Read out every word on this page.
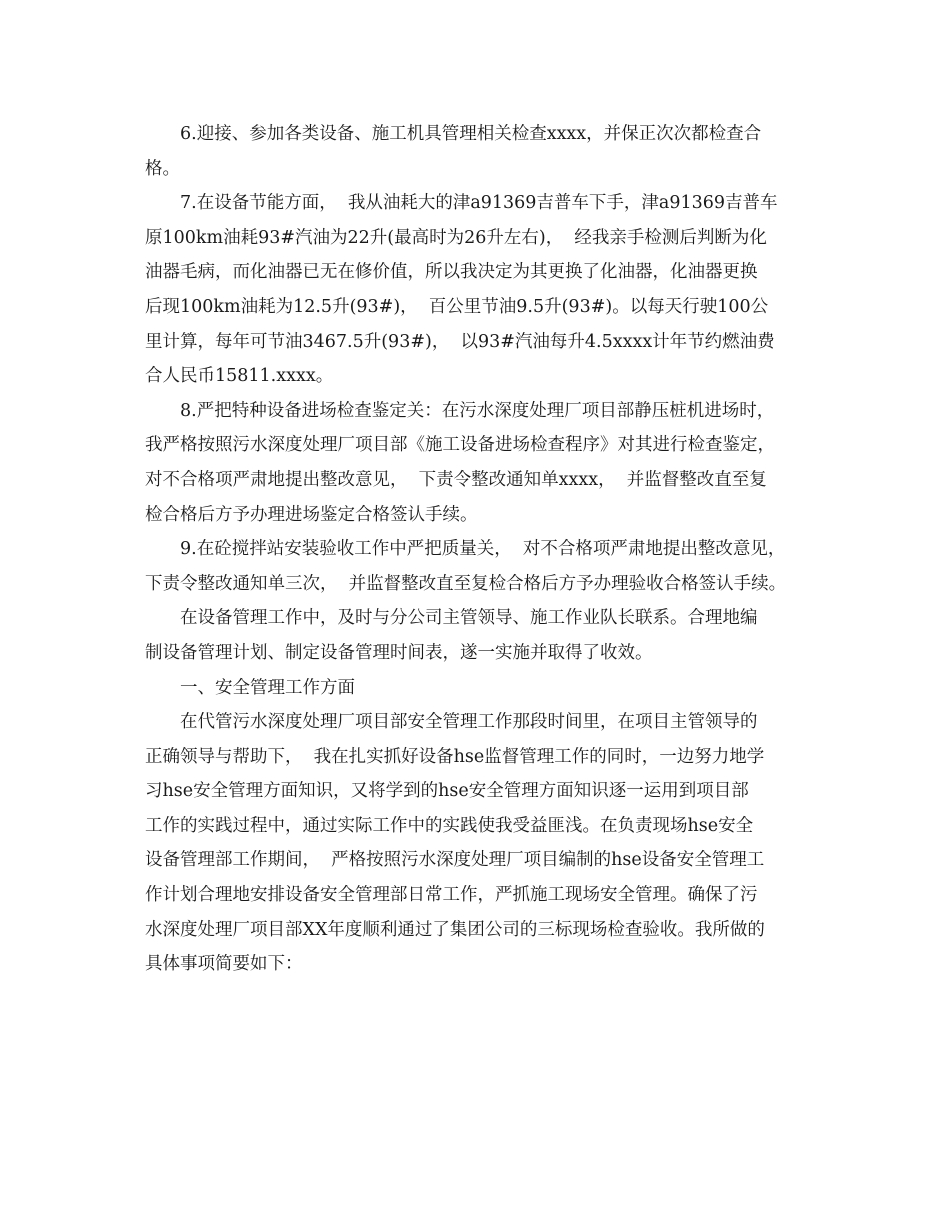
6.迎接、参加各类设备、施工机具管理相关检查xxxx，并保正次次都检查合
格。
7.在设备节能方面，  我从油耗大的津a91369吉普车下手，津a91369吉普车
原100km油耗93#汽油为22升(最高时为26升左右)，  经我亲手检测后判断为化
油器毛病，而化油器已无在修价值，所以我决定为其更换了化油器，化油器更换
后现100km油耗为12.5升(93#)，  百公里节油9.5升(93#)。以每天行驶100公
里计算，每年可节油3467.5升(93#)，  以93#汽油每升4.5xxxx计年节约燃油费
合人民币15811.xxxx。
8.严把特种设备进场检查鉴定关：在污水深度处理厂项目部静压桩机进场时，
我严格按照污水深度处理厂项目部《施工设备进场检查程序》对其进行检查鉴定，
对不合格项严肃地提出整改意见，  下责令整改通知单xxxx，  并监督整改直至复
检合格后方予办理进场鉴定合格签认手续。
9.在砼搅拌站安装验收工作中严把质量关，  对不合格项严肃地提出整改意见，
下责令整改通知单三次，  并监督整改直至复检合格后方予办理验收合格签认手续。
在设备管理工作中，及时与分公司主管领导、施工作业队长联系。合理地编
制设备管理计划、制定设备管理时间表，遂一实施并取得了收效。
一、安全管理工作方面
在代管污水深度处理厂项目部安全管理工作那段时间里，在项目主管领导的
正确领导与帮助下，  我在扎实抓好设备hse监督管理工作的同时，一边努力地学
习hse安全管理方面知识，又将学到的hse安全管理方面知识逐一运用到项目部
工作的实践过程中，通过实际工作中的实践使我受益匪浅。在负责现场hse安全
设备管理部工作期间，  严格按照污水深度处理厂项目编制的hse设备安全管理工
作计划合理地安排设备安全管理部日常工作，严抓施工现场安全管理。确保了污
水深度处理厂项目部XX年度顺利通过了集团公司的三标现场检查验收。我所做的
具体事项简要如下：
